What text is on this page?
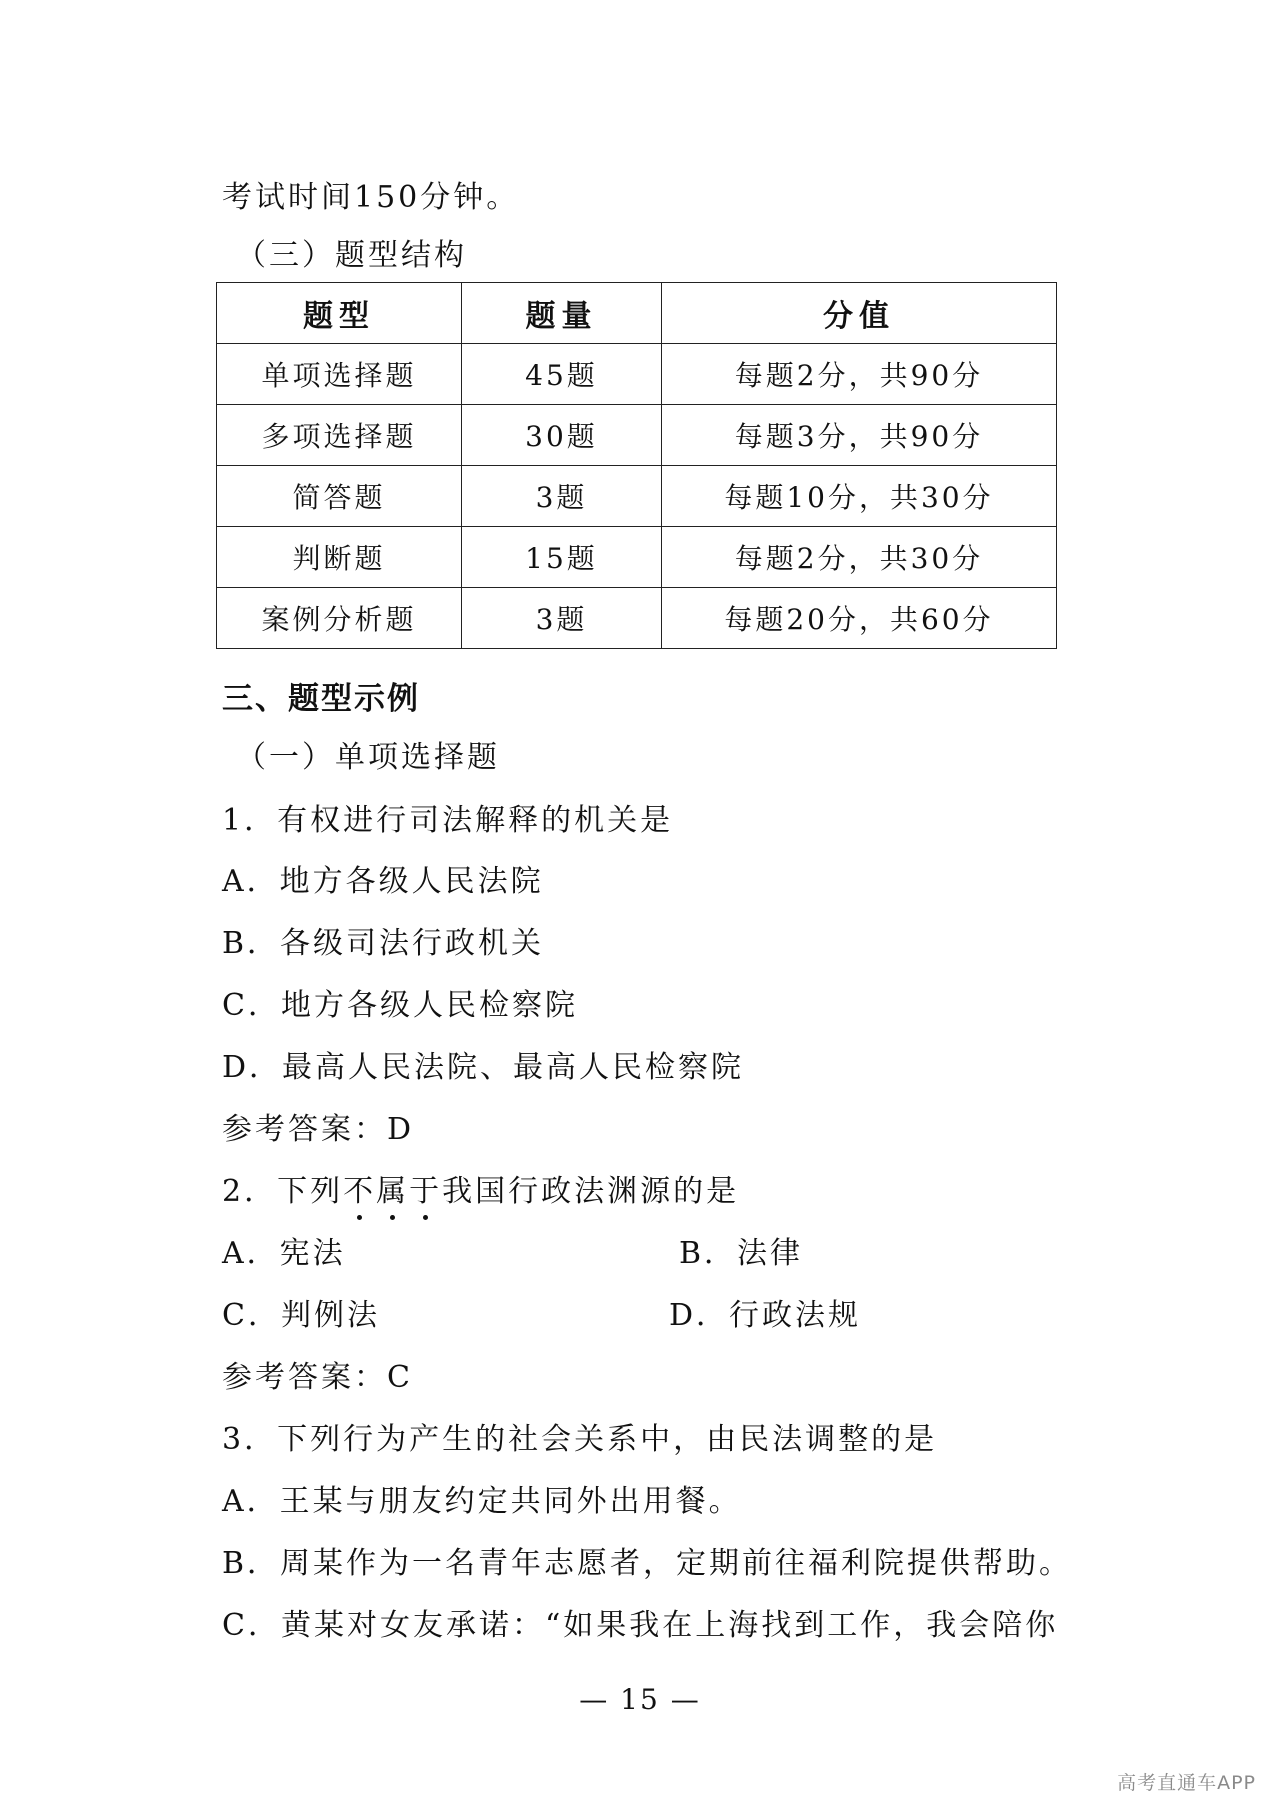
考试时间150分钟。
（三）题型结构
题型	题量	分值
单项选择题	45题	每题2分，共90分
多项选择题	30题	每题3分，共90分
简答题	3题	每题10分，共30分
判断题	15题	每题2分，共30分
案例分析题	3题	每题20分，共60分
三、题型示例
（一）单项选择题
1．有权进行司法解释的机关是
A．地方各级人民法院
B．各级司法行政机关
C．地方各级人民检察院
D．最高人民法院、最高人民检察院
参考答案：D
2．下列不属于我国行政法渊源的是
A．宪法	B．法律
C．判例法	D．行政法规
参考答案：C
3．下列行为产生的社会关系中，由民法调整的是
A．王某与朋友约定共同外出用餐。
B．周某作为一名青年志愿者，定期前往福利院提供帮助。
C．黄某对女友承诺：“如果我在上海找到工作，我会陪你
— 15 —
高考直通车APP
